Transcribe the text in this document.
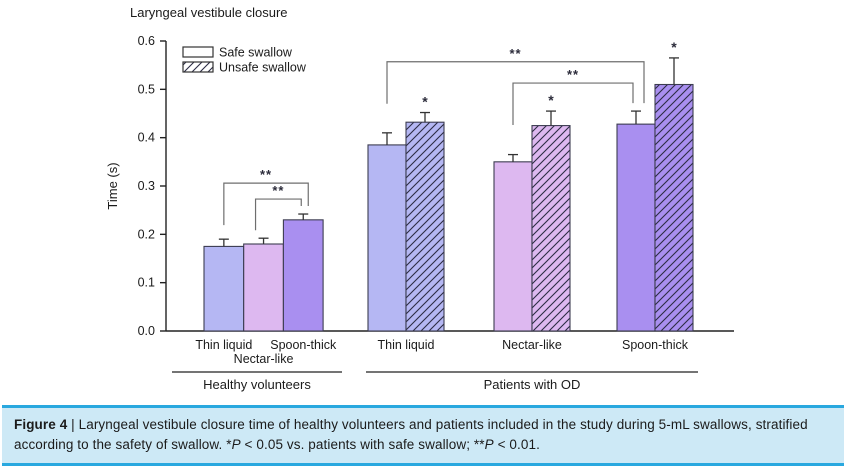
Laryngeal vestibule closure
0.0
0.1
0.2
0.3
0.4
0.5
0.6
Time (s)
Safe swallow
Unsafe swallow
*	*
*
**
**
**
**
Thin liquid
Nectar-like
Spoon-thick	Thin liquid	Nectar-like	Spoon-thick
Healthy volunteers	Patients with OD
Figure 4 | Laryngeal vestibule closure time of healthy volunteers and patients included in the study during 5-mL swallows, stratified according to the safety of swallow. *P < 0.05 vs. patients with safe swallow; **P < 0.01.
